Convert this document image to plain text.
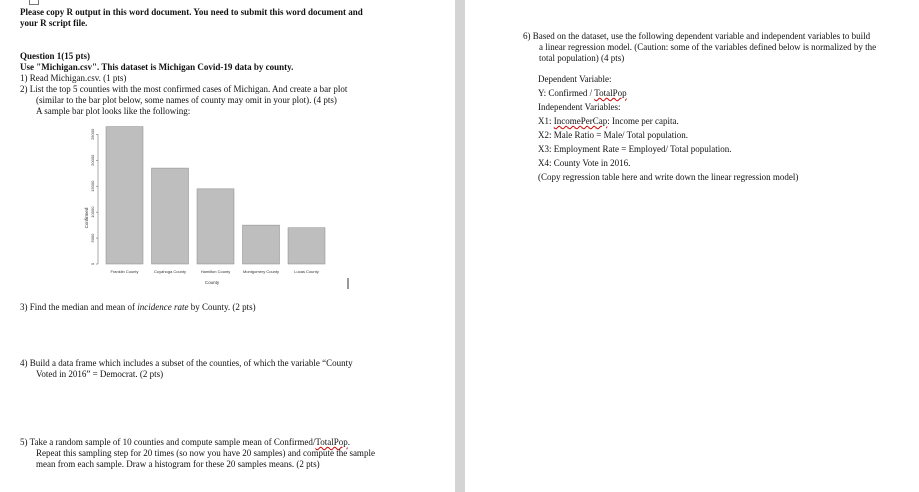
Please copy R output in this word document. You need to submit this word document and
your R script file.
Question 1(15 pts)
Use "Michigan.csv". This dataset is Michigan Covid-19 data by county.
1) Read Michigan.csv. (1 pts)
2) List the top 5 counties with the most confirmed cases of Michigan. And create a bar plot
(similar to the bar plot below, some names of county may omit in your plot). (4 pts)
A sample bar plot looks like the following:
0
5000
10000
15000
20000
25000
Franklin County	Cuyahoga County	Hamilton County	Montgomery County	Lucas County
Confirmed
County
3) Find the median and mean of incidence rate by County. (2 pts)
4) Build a data frame which includes a subset of the counties, of which the variable “County
Voted in 2016” = Democrat. (2 pts)
5) Take a random sample of 10 counties and compute sample mean of Confirmed/TotalPop.
Repeat this sampling step for 20 times (so now you have 20 samples) and compute the sample
mean from each sample. Draw a histogram for these 20 samples means. (2 pts)
6) Based on the dataset, use the following dependent variable and independent variables to build
a linear regression model. (Caution: some of the variables defined below is normalized by the
total population) (4 pts)
Dependent Variable:
Y: Confirmed / TotalPop
Independent Variables:
X1: IncomePerCap: Income per capita.
X2: Male Ratio = Male/ Total population.
X3: Employment Rate = Employed/ Total population.
X4: County Vote in 2016.
(Copy regression table here and write down the linear regression model)
